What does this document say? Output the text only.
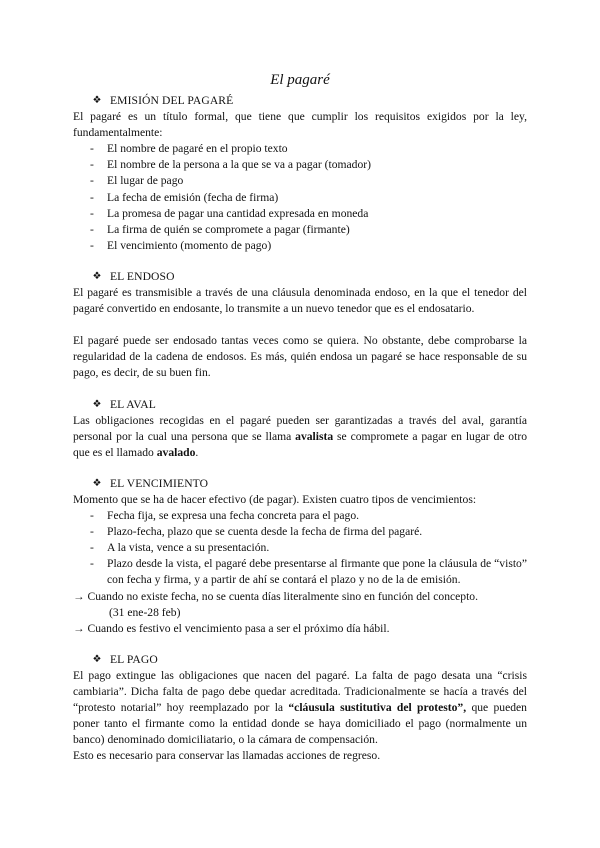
El pagaré
❖ EMISIÓN DEL PAGARÉ

El pagaré es un título formal, que tiene que cumplir los requisitos exigidos por la ley, fundamentalmente:

- El nombre de pagaré en el propio texto
- El nombre de la persona a la que se va a pagar (tomador)
- El lugar de pago
- La fecha de emisión (fecha de firma)
- La promesa de pagar una cantidad expresada en moneda
- La firma de quién se compromete a pagar (firmante)
- El vencimiento (momento de pago)
❖ EL ENDOSO

El pagaré es transmisible a través de una cláusula denominada endoso, en la que el tenedor del pagaré convertido en endosante, lo transmite a un nuevo tenedor que es el endosatario.

El pagaré puede ser endosado tantas veces como se quiera. No obstante, debe comprobarse la regularidad de la cadena de endosos. Es más, quién endosa un pagaré se hace responsable de su pago, es decir, de su buen fin.

❖ EL AVAL

Las obligaciones recogidas en el pagaré pueden ser garantizadas a través del aval, garantía personal por la cual una persona que se llama avalista se compromete a pagar en lugar de otro que es el llamado avalado.

❖ EL VENCIMIENTO

Momento que se ha de hacer efectivo (de pagar). Existen cuatro tipos de vencimientos:

- Fecha fija, se expresa una fecha concreta para el pago.
- Plazo-fecha, plazo que se cuenta desde la fecha de firma del pagaré.
- A la vista, vence a su presentación.
- Plazo desde la vista, el pagaré debe presentarse al firmante que pone la cláusula de “visto” con fecha y firma, y a partir de ahí se contará el plazo y no de la de emisión.

→ Cuando no existe fecha, no se cuenta días literalmente sino en función del concepto.

(31 ene-28 feb)

→ Cuando es festivo el vencimiento pasa a ser el próximo día hábil.

❖ EL PAGO

El pago extingue las obligaciones que nacen del pagaré. La falta de pago desata una “crisis cambiaria”. Dicha falta de pago debe quedar acreditada. Tradicionalmente se hacía a través del “protesto notarial” hoy reemplazado por la “cláusula sustitutiva del protesto”, que pueden poner tanto el firmante como la entidad donde se haya domiciliado el pago (normalmente un banco) denominado domiciliatario, o la cámara de compensación.

Esto es necesario para conservar las llamadas acciones de regreso.
